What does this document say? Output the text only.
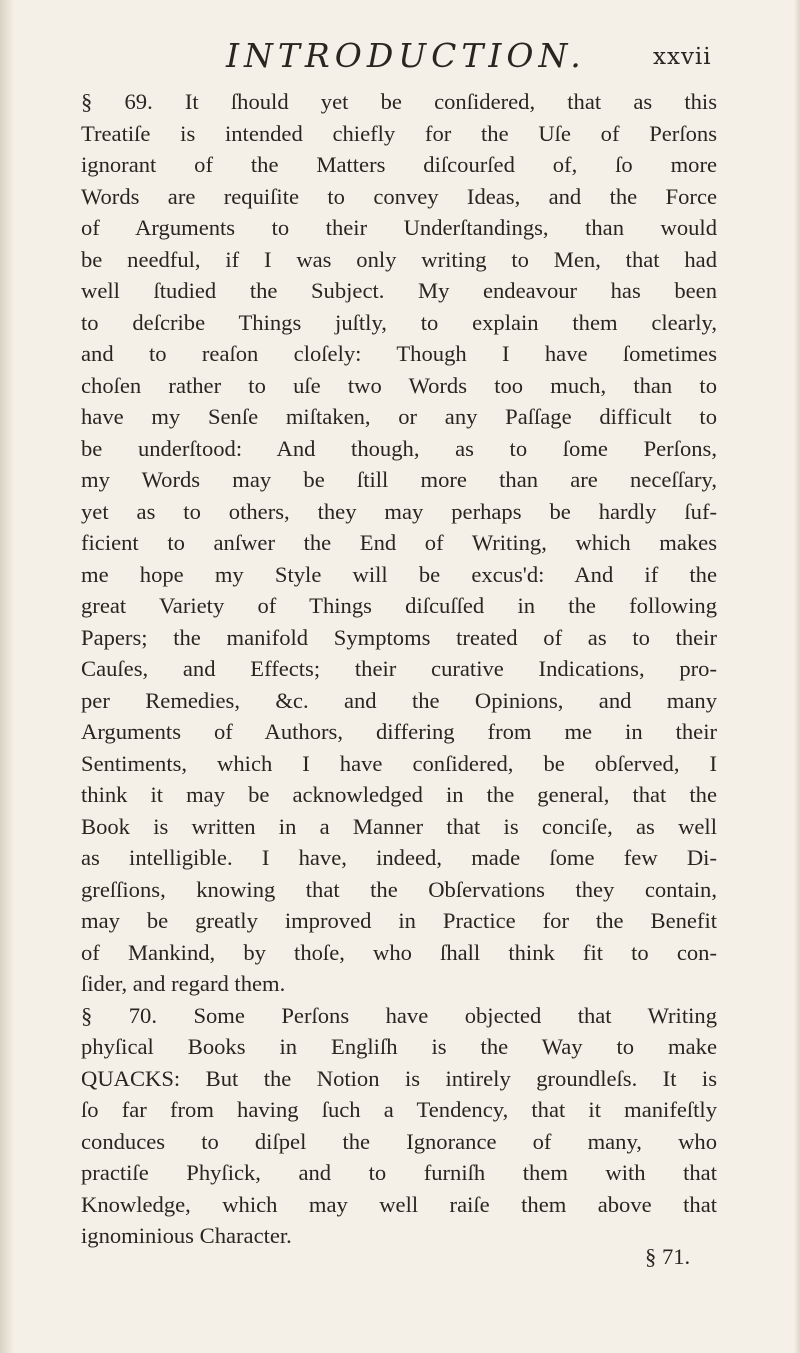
INTRODUCTION.	xxvii
§ 69. It ſhould yet be conſidered, that as this
Treatiſe is intended chiefly for the Uſe of Perſons
ignorant of the Matters diſcourſed of, ſo more
Words are requiſite to convey Ideas, and the Force
of Arguments to their Underſtandings, than would
be needful, if I was only writing to Men, that had
well ſtudied the Subject. My endeavour has been
to deſcribe Things juſtly, to explain them clearly,
and to reaſon cloſely: Though I have ſometimes
choſen rather to uſe two Words too much, than to
have my Senſe miſtaken, or any Paſſage difficult to
be underſtood: And though, as to ſome Perſons,
my Words may be ſtill more than are neceſſary,
yet as to others, they may perhaps be hardly ſuf-
ficient to anſwer the End of Writing, which makes
me hope my Style will be excus'd: And if the
great Variety of Things diſcuſſed in the following
Papers; the manifold Symptoms treated of as to their
Cauſes, and Effects; their curative Indications, pro-
per Remedies, &c. and the Opinions, and many
Arguments of Authors, differing from me in their
Sentiments, which I have conſidered, be obſerved, I
think it may be acknowledged in the general, that the
Book is written in a Manner that is conciſe, as well
as intelligible. I have, indeed, made ſome few Di-
greſſions, knowing that the Obſervations they contain,
may be greatly improved in Practice for the Benefit
of Mankind, by thoſe, who ſhall think fit to con-
ſider, and regard them.
§ 70. Some Perſons have objected that Writing
phyſical Books in Engliſh is the Way to make
QUACKS: But the Notion is intirely groundleſs. It is
ſo far from having ſuch a Tendency, that it manifeſtly
conduces to diſpel the Ignorance of many, who
practiſe Phyſick, and to furniſh them with that
Knowledge, which may well raiſe them above that
ignominious Character.
§ 71.
